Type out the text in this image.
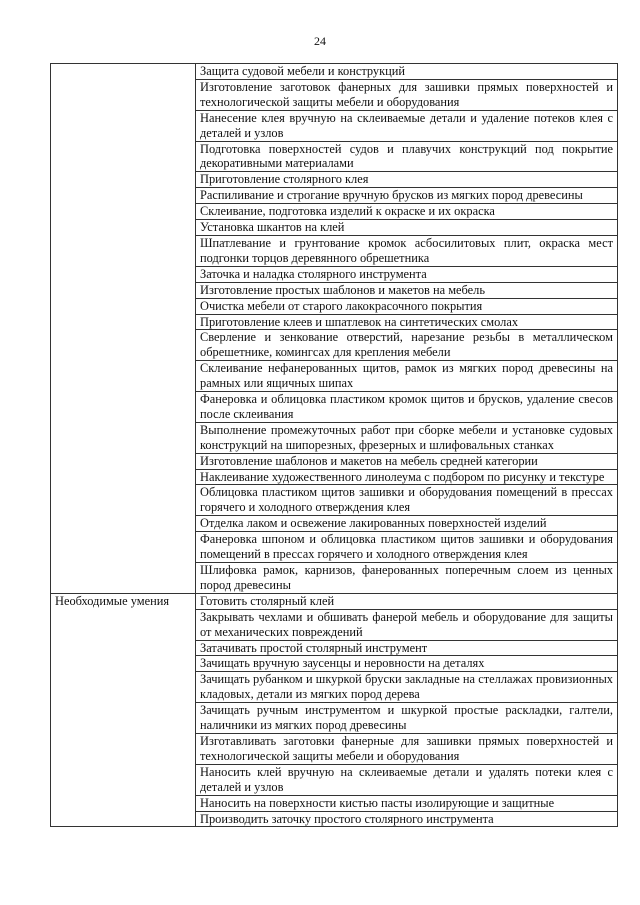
24
	Защита судовой мебели и конструкций
	Изготовление заготовок фанерных для зашивки прямых поверхностей и технологической защиты мебели и оборудования
	Нанесение клея вручную на склеиваемые детали и удаление потеков клея с деталей и узлов
	Подготовка поверхностей судов и плавучих конструкций под покрытие декоративными материалами
	Приготовление столярного клея
	Распиливание и строгание вручную брусков из мягких пород древесины
	Склеивание, подготовка изделий к окраске и их окраска
	Установка шкантов на клей
	Шпатлевание и грунтование кромок асбосилитовых плит, окраска мест подгонки торцов деревянного обрешетника
	Заточка и наладка столярного инструмента
	Изготовление простых шаблонов и макетов на мебель
	Очистка мебели от старого лакокрасочного покрытия
	Приготовление клеев и шпатлевок на синтетических смолах
	Сверление и зенкование отверстий, нарезание резьбы в металлическом обрешетнике, комингсах для крепления мебели
	Склеивание нефанерованных щитов, рамок из мягких пород древесины на рамных или ящичных шипах
	Фанеровка и облицовка пластиком кромок щитов и брусков, удаление свесов после склеивания
	Выполнение промежуточных работ при сборке мебели и установке судовых конструкций на шипорезных, фрезерных и шлифовальных станках
	Изготовление шаблонов и макетов на мебель средней категории
	Наклеивание художественного линолеума с подбором по рисунку и текстуре
	Облицовка пластиком щитов зашивки и оборудования помещений в прессах горячего и холодного отверждения клея
	Отделка лаком и освежение лакированных поверхностей изделий
	Фанеровка шпоном и облицовка пластиком щитов зашивки и оборудования помещений в прессах горячего и холодного отверждения клея
	Шлифовка рамок, карнизов, фанерованных поперечным слоем из ценных пород древесины
Необходимые умения	Готовить столярный клей
	Закрывать чехлами и обшивать фанерой мебель и оборудование для защиты от механических повреждений
	Затачивать простой столярный инструмент
	Зачищать вручную заусенцы и неровности на деталях
	Зачищать рубанком и шкуркой бруски закладные на стеллажах провизионных кладовых, детали из мягких пород дерева
	Зачищать ручным инструментом и шкуркой простые раскладки, галтели, наличники из мягких пород древесины
	Изготавливать заготовки фанерные для зашивки прямых поверхностей и технологической защиты мебели и оборудования
	Наносить клей вручную на склеиваемые детали и удалять потеки клея с деталей и узлов
	Наносить на поверхности кистью пасты изолирующие и защитные
	Производить заточку простого столярного инструмента
